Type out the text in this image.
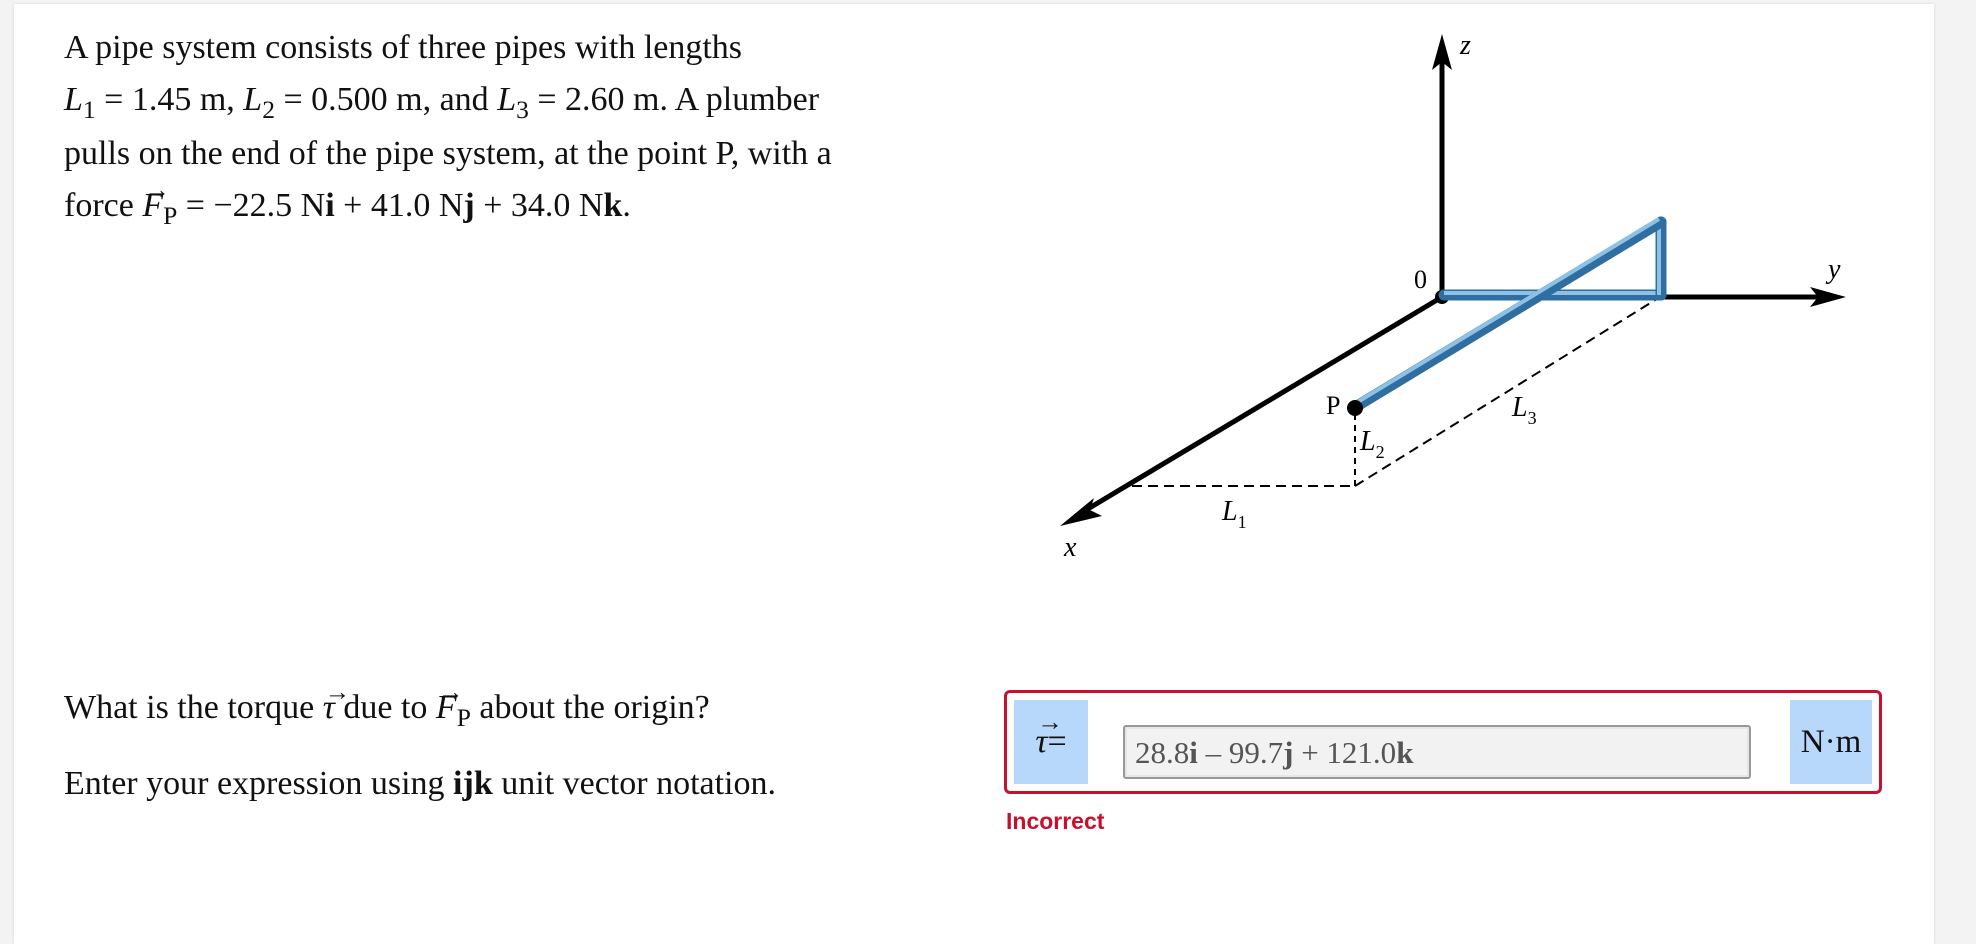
A pipe system consists of three pipes with lengths
$L_1 = 1.45$ m, $L_2 = 0.500$ m, and $L_3 = 2.60$ m. A plumber
pulls on the end of the pipe system, at the point P, with a
force → $F_P = -22.5$ Ni + 41.0 Nj + 34.0 Nk.
z
y
x
0
P
$L_1$
$L_2$
$L_3$

What is the torque → τ due to → $F_P$ about the origin?

Enter your expression using ijk unit vector notation.

→ τ =	28.8i – 99.7j + 121.0k	N·m
Incorrect
